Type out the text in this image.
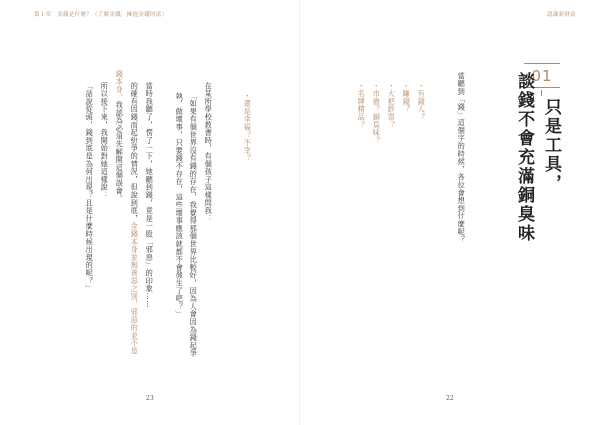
第１章　金錢是什麼？（了解金錢，擁抱金錢財富）
・還是幸福？不幸？
在某所學校教書時，有個孩子這樣問我：
「如果有個世界沒有錢的存在，我覺得那個世界比較好，因為人會因為錢起爭
執，做壞事，只要錢不存在，這些壞事應該就都不會發生了吧？」
當時我聽了，愣了一下，她聽到錢，竟是一股「邪惡」的印象……
的確有因錢而起紛爭的情況，但說到底，金錢本身並無善惡之別，邪惡的並不是
錢本身，我認為必須先解開這個誤會。
所以接下來，我開始對她這樣說：
「話說從頭，錢到底是為何出現？且是什麼時候出現的呢？」
23
認識新財富
22
01
只是工具，
談錢不會充滿銅臭味
當聽到「錢」這個字的時候，各位會想到什麼呢？
・有錢人？
・賺錢？
・大把鈔票？
・市儈？銅臭味？
・名牌精品？
